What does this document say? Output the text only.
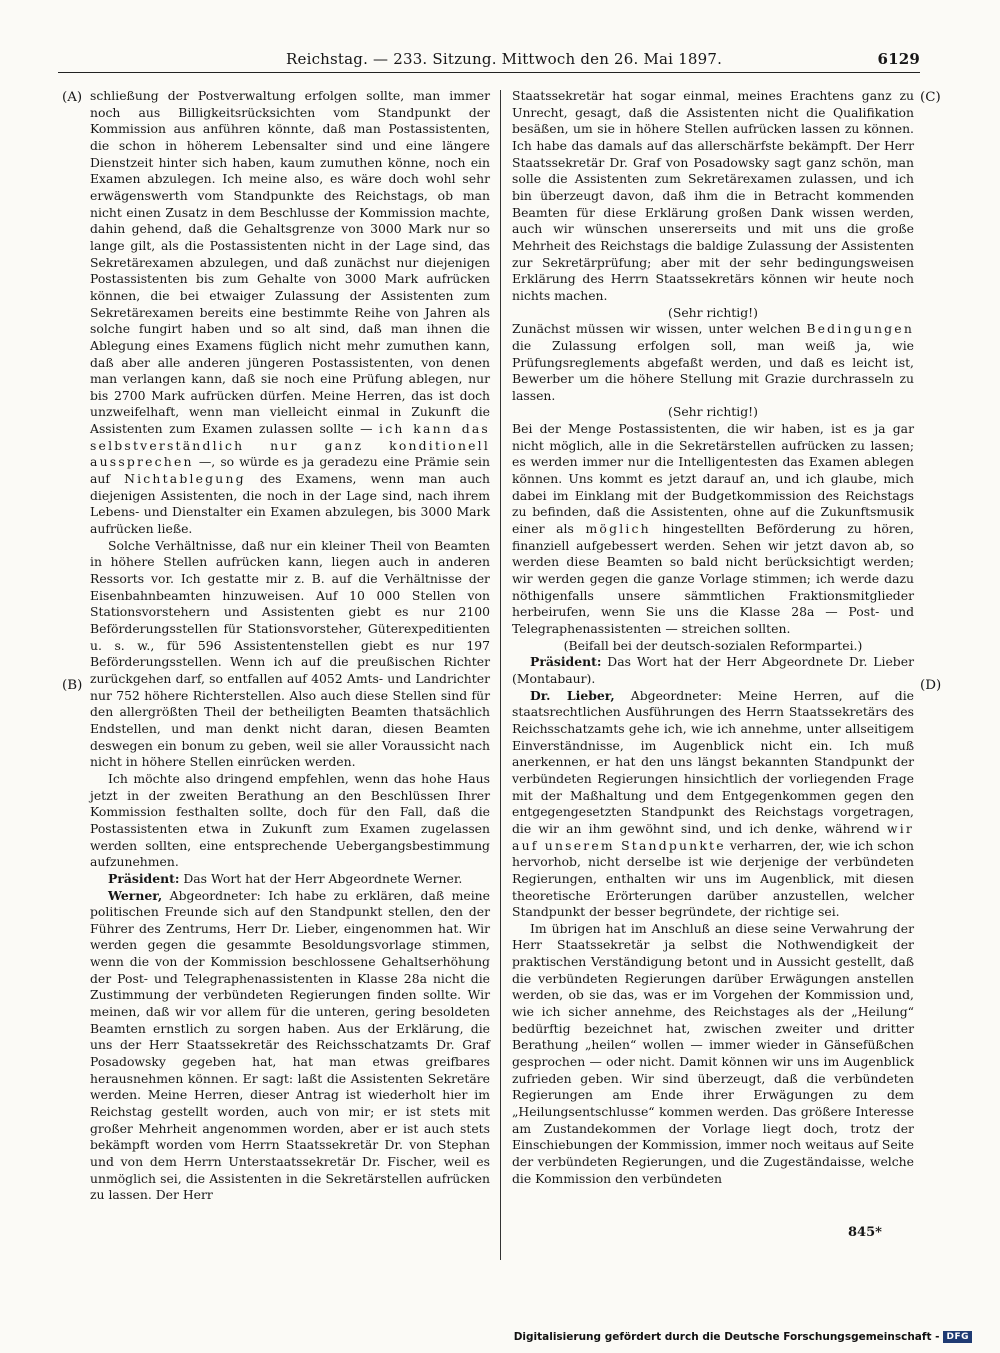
Reichstag. — 233. Sitzung. Mittwoch den 26. Mai 1897.	6129
(A)
(B)
(C)
(D)

schließung der Postverwaltung erfolgen sollte, man immer noch aus Billigkeitsrücksichten vom Standpunkt der Kommission aus anführen könnte, daß man Postassistenten, die schon in höherem Lebensalter sind und eine längere Dienstzeit hinter sich haben, kaum zumuthen könne, noch ein Examen abzulegen. Ich meine also, es wäre doch wohl sehr erwägenswerth vom Standpunkte des Reichstags, ob man nicht einen Zusatz in dem Beschlusse der Kommission machte, dahin gehend, daß die Gehaltsgrenze von 3000 Mark nur so lange gilt, als die Postassistenten nicht in der Lage sind, das Sekretärexamen abzulegen, und daß zunächst nur diejenigen Postassistenten bis zum Gehalte von 3000 Mark aufrücken können, die bei etwaiger Zulassung der Assistenten zum Sekretärexamen bereits eine bestimmte Reihe von Jahren als solche fungirt haben und so alt sind, daß man ihnen die Ablegung eines Examens füglich nicht mehr zumuthen kann, daß aber alle anderen jüngeren Postassistenten, von denen man verlangen kann, daß sie noch eine Prüfung ablegen, nur bis 2700 Mark aufrücken dürfen. Meine Herren, das ist doch unzweifelhaft, wenn man vielleicht einmal in Zukunft die Assistenten zum Examen zulassen sollte — ich kann das selbstverständlich nur ganz konditionell aussprechen —, so würde es ja geradezu eine Prämie sein auf Nichtablegung des Examens, wenn man auch diejenigen Assistenten, die noch in der Lage sind, nach ihrem Lebens- und Dienstalter ein Examen abzulegen, bis 3000 Mark aufrücken ließe.

Solche Verhältnisse, daß nur ein kleiner Theil von Beamten in höhere Stellen aufrücken kann, liegen auch in anderen Ressorts vor. Ich gestatte mir z. B. auf die Verhältnisse der Eisenbahnbeamten hinzuweisen. Auf 10 000 Stellen von Stationsvorstehern und Assistenten giebt es nur 2100 Beförderungsstellen für Stationsvorsteher, Güterexpeditienten u. s. w., für 596 Assistentenstellen giebt es nur 197 Beförderungsstellen. Wenn ich auf die preußischen Richter zurückgehen darf, so entfallen auf 4052 Amts- und Landrichter nur 752 höhere Richterstellen. Also auch diese Stellen sind für den allergrößten Theil der betheiligten Beamten thatsächlich Endstellen, und man denkt nicht daran, diesen Beamten deswegen ein bonum zu geben, weil sie aller Voraussicht nach nicht in höhere Stellen einrücken werden.

Ich möchte also dringend empfehlen, wenn das hohe Haus jetzt in der zweiten Berathung an den Beschlüssen Ihrer Kommission festhalten sollte, doch für den Fall, daß die Postassistenten etwa in Zukunft zum Examen zugelassen werden sollten, eine entsprechende Uebergangsbestimmung aufzunehmen.

Präsident: Das Wort hat der Herr Abgeordnete Werner.

Werner, Abgeordneter: Ich habe zu erklären, daß meine politischen Freunde sich auf den Standpunkt stellen, den der Führer des Zentrums, Herr Dr. Lieber, eingenommen hat. Wir werden gegen die gesammte Besoldungsvorlage stimmen, wenn die von der Kommission beschlossene Gehaltserhöhung der Post- und Telegraphenassistenten in Klasse 28a nicht die Zustimmung der verbündeten Regierungen finden sollte. Wir meinen, daß wir vor allem für die unteren, gering besoldeten Beamten ernstlich zu sorgen haben. Aus der Erklärung, die uns der Herr Staatssekretär des Reichsschatzamts Dr. Graf Posadowsky gegeben hat, hat man etwas greifbares herausnehmen können. Er sagt: laßt die Assistenten Sekretäre werden. Meine Herren, dieser Antrag ist wiederholt hier im Reichstag gestellt worden, auch von mir; er ist stets mit großer Mehrheit angenommen worden, aber er ist auch stets bekämpft worden vom Herrn Staatssekretär Dr. von Stephan und von dem Herrn Unterstaatssekretär Dr. Fischer, weil es unmöglich sei, die Assistenten in die Sekretärstellen aufrücken zu lassen. Der Herr

Staatssekretär hat sogar einmal, meines Erachtens ganz zu Unrecht, gesagt, daß die Assistenten nicht die Qualifikation besäßen, um sie in höhere Stellen aufrücken lassen zu können. Ich habe das damals auf das allerschärfste bekämpft. Der Herr Staatssekretär Dr. Graf von Posadowsky sagt ganz schön, man solle die Assistenten zum Sekretärexamen zulassen, und ich bin überzeugt davon, daß ihm die in Betracht kommenden Beamten für diese Erklärung großen Dank wissen werden, auch wir wünschen unsererseits und mit uns die große Mehrheit des Reichstags die baldige Zulassung der Assistenten zur Sekretärprüfung; aber mit der sehr bedingungsweisen Erklärung des Herrn Staatssekretärs können wir heute noch nichts machen.

(Sehr richtig!)

Zunächst müssen wir wissen, unter welchen Bedingungen die Zulassung erfolgen soll, man weiß ja, wie Prüfungsreglements abgefaßt werden, und daß es leicht ist, Bewerber um die höhere Stellung mit Grazie durchrasseln zu lassen.

(Sehr richtig!)

Bei der Menge Postassistenten, die wir haben, ist es ja gar nicht möglich, alle in die Sekretärstellen aufrücken zu lassen; es werden immer nur die Intelligentesten das Examen ablegen können. Uns kommt es jetzt darauf an, und ich glaube, mich dabei im Einklang mit der Budgetkommission des Reichstags zu befinden, daß die Assistenten, ohne auf die Zukunftsmusik einer als möglich hingestellten Beförderung zu hören, finanziell aufgebessert werden. Sehen wir jetzt davon ab, so werden diese Beamten so bald nicht berücksichtigt werden; wir werden gegen die ganze Vorlage stimmen; ich werde dazu nöthigenfalls unsere sämmtlichen Fraktionsmitglieder herbeirufen, wenn Sie uns die Klasse 28a — Post- und Telegraphenassistenten — streichen sollten.

(Beifall bei der deutsch-sozialen Reformpartei.)

Präsident: Das Wort hat der Herr Abgeordnete Dr. Lieber (Montabaur).

Dr. Lieber, Abgeordneter: Meine Herren, auf die staatsrechtlichen Ausführungen des Herrn Staatssekretärs des Reichsschatzamts gehe ich, wie ich annehme, unter allseitigem Einverständnisse, im Augenblick nicht ein. Ich muß anerkennen, er hat den uns längst bekannten Standpunkt der verbündeten Regierungen hinsichtlich der vorliegenden Frage mit der Maßhaltung und dem Entgegenkommen gegen den entgegengesetzten Standpunkt des Reichstags vorgetragen, die wir an ihm gewöhnt sind, und ich denke, während wir auf unserem Standpunkte verharren, der, wie ich schon hervorhob, nicht derselbe ist wie derjenige der verbündeten Regierungen, enthalten wir uns im Augenblick, mit diesen theoretische Erörterungen darüber anzustellen, welcher Standpunkt der besser begründete, der richtige sei.

Im übrigen hat im Anschluß an diese seine Verwahrung der Herr Staatssekretär ja selbst die Nothwendigkeit der praktischen Verständigung betont und in Aussicht gestellt, daß die verbündeten Regierungen darüber Erwägungen anstellen werden, ob sie das, was er im Vorgehen der Kommission und, wie ich sicher annehme, des Reichstages als der „Heilung“ bedürftig bezeichnet hat, zwischen zweiter und dritter Berathung „heilen“ wollen — immer wieder in Gänsefüßchen gesprochen — oder nicht. Damit können wir uns im Augenblick zufrieden geben. Wir sind überzeugt, daß die verbündeten Regierungen am Ende ihrer Erwägungen zu dem „Heilungsentschlusse“ kommen werden. Das größere Interesse am Zustandekommen der Vorlage liegt doch, trotz der Einschiebungen der Kommission, immer noch weitaus auf Seite der verbündeten Regierungen, und die Zugeständaisse, welche die Kommission den verbündeten

845*
Digitalisierung gefördert durch die Deutsche Forschungsgemeinschaft - DFG
